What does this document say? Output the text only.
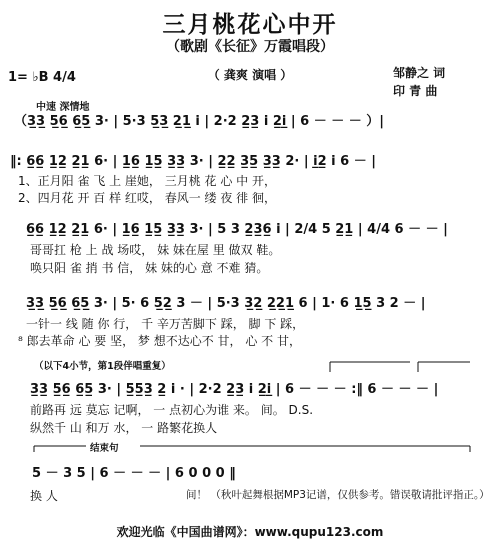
三月桃花心中开
（歌剧《长征》万霞唱段）
（ 龚爽 演唱 ）	邹静之 词
印 青 曲
1= ♭B 4/4
中速 深情地
（3̲3̲ 5̲6̲ 6̲5̲ 3· | 5·3 5̲3̲ 2̲1̲ i | 2·2 2̲3̲ i 2̲i̲ | 6 － － － ）|
‖: 6̲6̲ 1̲2̲ 2̲1̲ 6· | 1̲6̲ 1̲5̲ 3̲3̲ 3· | 2̲2̲ 3̲5̲ 3̲3̲ 2· | i̲2̲ i 6 － |
1、正月阳 雀 飞 上 崖她， 三月桃 花 心 中 开，
2、四月花 开 百 样 红哎， 春风一 缕 夜 徘 徊，
6̲6̲ 1̲2̲ 2̲1̲ 6· | 1̲6̲ 1̲5̲ 3̲3̲ 3· | 5 3 2̲3̲6̲ i | 2/4 5 2̲1̲ | 4/4 6 － － |
哥哥扛 枪 上 战 场哎， 妹 妹在屋 里 做双 鞋。
唤只阳 雀 捎 书 信， 妹 妹的心 意 不难 猜。
3̲3̲ 5̲6̲ 6̲5̲ 3· | 5· 6 5̲2̲ 3 － | 5·3 3̲2̲ 2̲2̲1̲ 6 | 1· 6 1̲5̲ 3 2 － |
一针一 线 随 你 行， 千 辛万苦脚下 踩， 脚 下 踩，
⁸ 郎去革命 心 要 坚， 梦 想不达心不 甘， 心 不 甘，
（以下4小节，第1段伴唱重复）
3̲3̲ 5̲6̲ 6̲5̲ 3· | 5̲5̲3̲ 2̲ i · | 2·2 2̲3̲ i 2̲i̲ | 6 － － － :‖ 6 － － － |
前路再 远 莫忘 记啊， 一 点初心为谁 来。 间。 D.S.
纵然千 山 和万 水， 一 路繁花换人
结束句
5 － 3 5 | 6 － － － | 6 0 0 0 ‖
换 人	间！ （秋叶起舞根据MP3记谱，仅供参考。错误敬请批评指正。）
欢迎光临《中国曲谱网》：www.qupu123.com
